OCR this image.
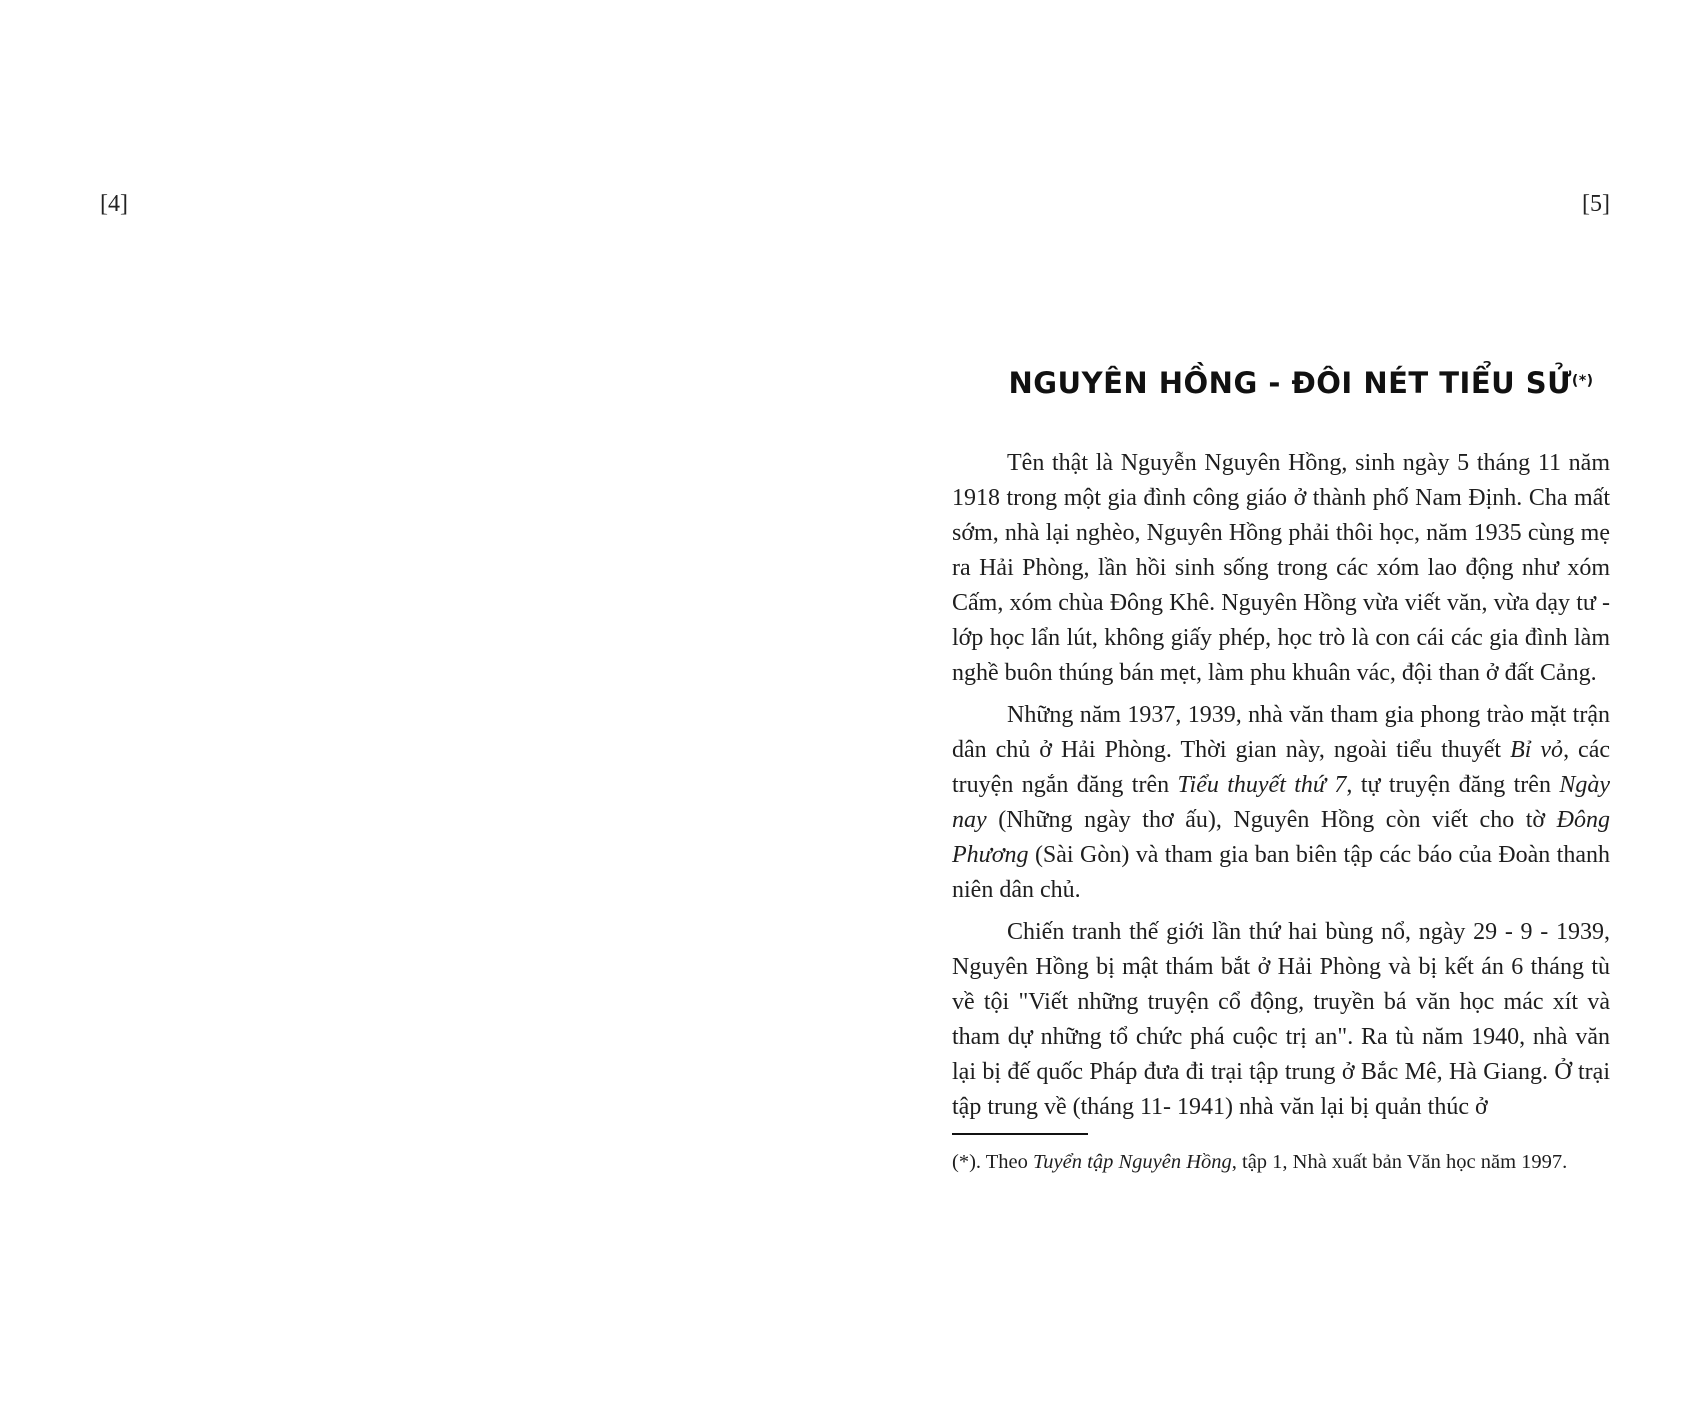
[4]	[5]
NGUYÊN HỒNG - ĐÔI NÉT TIỂU SỬ(*)

Tên thật là Nguyễn Nguyên Hồng, sinh ngày 5 tháng 11 năm 1918 trong một gia đình công giáo ở thành phố Nam Định. Cha mất sớm, nhà lại nghèo, Nguyên Hồng phải thôi học, năm 1935 cùng mẹ ra Hải Phòng, lần hồi sinh sống trong các xóm lao động như xóm Cấm, xóm chùa Đông Khê. Nguyên Hồng vừa viết văn, vừa dạy tư - lớp học lẩn lút, không giấy phép, học trò là con cái các gia đình làm nghề buôn thúng bán mẹt, làm phu khuân vác, đội than ở đất Cảng.

Những năm 1937, 1939, nhà văn tham gia phong trào mặt trận dân chủ ở Hải Phòng. Thời gian này, ngoài tiểu thuyết Bỉ vỏ, các truyện ngắn đăng trên Tiểu thuyết thứ 7, tự truyện đăng trên Ngày nay (Những ngày thơ ấu), Nguyên Hồng còn viết cho tờ Đông Phương (Sài Gòn) và tham gia ban biên tập các báo của Đoàn thanh niên dân chủ.

Chiến tranh thế giới lần thứ hai bùng nổ, ngày 29 - 9 - 1939, Nguyên Hồng bị mật thám bắt ở Hải Phòng và bị kết án 6 tháng tù về tội "Viết những truyện cổ động, truyền bá văn học mác xít và tham dự những tổ chức phá cuộc trị an". Ra tù năm 1940, nhà văn lại bị đế quốc Pháp đưa đi trại tập trung ở Bắc Mê, Hà Giang. Ở trại tập trung về (tháng 11- 1941) nhà văn lại bị quản thúc ở

(*). Theo Tuyển tập Nguyên Hồng, tập 1, Nhà xuất bản Văn học năm 1997.
